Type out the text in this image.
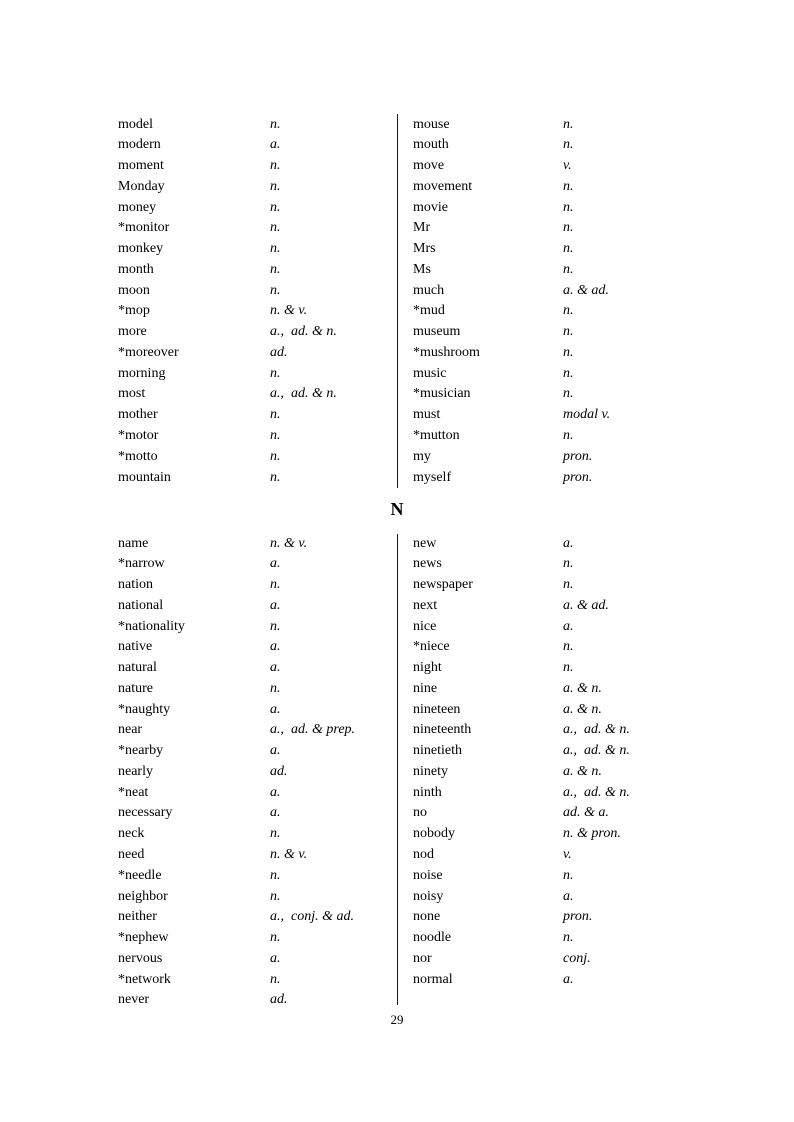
model	n.
modern	a.
moment	n.
Monday	n.
money	n.
*monitor	n.
monkey	n.
month	n.
moon	n.
*mop	n. & v.
more	a., ad. & n.
*moreover	ad.
morning	n.
most	a., ad. & n.
mother	n.
*motor	n.
*motto	n.
mountain	n.
mouse	n.
mouth	n.
move	v.
movement	n.
movie	n.
Mr	n.
Mrs	n.
Ms	n.
much	a. & ad.
*mud	n.
museum	n.
*mushroom	n.
music	n.
*musician	n.
must	modal v.
*mutton	n.
my	pron.
myself	pron.
N
name	n. & v.
*narrow	a.
nation	n.
national	a.
*nationality	n.
native	a.
natural	a.
nature	n.
*naughty	a.
near	a., ad. & prep.
*nearby	a.
nearly	ad.
*neat	a.
necessary	a.
neck	n.
need	n. & v.
*needle	n.
neighbor	n.
neither	a., conj. & ad.
*nephew	n.
nervous	a.
*network	n.
never	ad.
new	a.
news	n.
newspaper	n.
next	a. & ad.
nice	a.
*niece	n.
night	n.
nine	a. & n.
nineteen	a. & n.
nineteenth	a., ad. & n.
ninetieth	a., ad. & n.
ninety	a. & n.
ninth	a., ad. & n.
no	ad. & a.
nobody	n. & pron.
nod	v.
noise	n.
noisy	a.
none	pron.
noodle	n.
nor	conj.
normal	a.
29
